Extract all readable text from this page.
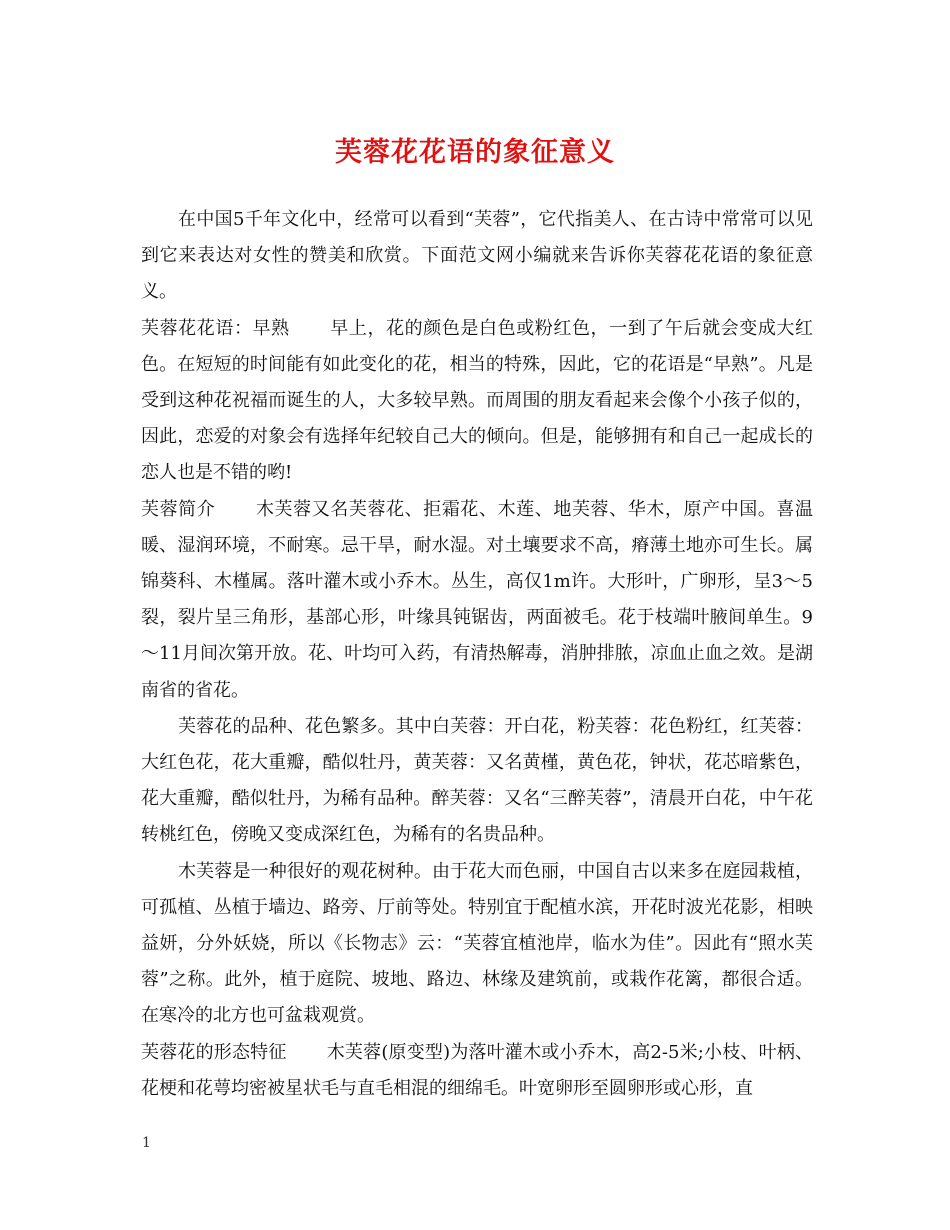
芙蓉花花语的象征意义

在中国5千年文化中，经常可以看到“芙蓉”，它代指美人、在古诗中常常可以见到它来表达对女性的赞美和欣赏。下面范文网小编就来告诉你芙蓉花花语的象征意义。

芙蓉花花语：早熟 早上，花的颜色是白色或粉红色，一到了午后就会变成大红色。在短短的时间能有如此变化的花，相当的特殊，因此，它的花语是“早熟”。凡是受到这种花祝福而诞生的人，大多较早熟。而周围的朋友看起来会像个小孩子似的，因此，恋爱的对象会有选择年纪较自己大的倾向。但是，能够拥有和自己一起成长的恋人也是不错的哟!

芙蓉简介 木芙蓉又名芙蓉花、拒霜花、木莲、地芙蓉、华木，原产中国。喜温暖、湿润环境，不耐寒。忌干旱，耐水湿。对土壤要求不高，瘠薄土地亦可生长。属锦葵科、木槿属。落叶灌木或小乔木。丛生，高仅1m许。大形叶，广卵形，呈3～5裂，裂片呈三角形，基部心形，叶缘具钝锯齿，两面被毛。花于枝端叶腋间单生。9～11月间次第开放。花、叶均可入药，有清热解毒，消肿排脓，凉血止血之效。是湖南省的省花。

芙蓉花的品种、花色繁多。其中白芙蓉：开白花，粉芙蓉：花色粉红，红芙蓉：大红色花，花大重瓣，酷似牡丹，黄芙蓉：又名黄槿，黄色花，钟状，花芯暗紫色，花大重瓣，酷似牡丹，为稀有品种。醉芙蓉：又名“三醉芙蓉”，清晨开白花，中午花转桃红色，傍晚又变成深红色，为稀有的名贵品种。

木芙蓉是一种很好的观花树种。由于花大而色丽，中国自古以来多在庭园栽植，可孤植、丛植于墙边、路旁、厅前等处。特别宜于配植水滨，开花时波光花影，相映益妍，分外妖娆，所以《长物志》云：“芙蓉宜植池岸，临水为佳”。因此有“照水芙蓉”之称。此外，植于庭院、坡地、路边、林缘及建筑前，或栽作花篱，都很合适。在寒冷的北方也可盆栽观赏。

芙蓉花的形态特征 木芙蓉(原变型)为落叶灌木或小乔木，高2-5米;小枝、叶柄、花梗和花萼均密被星状毛与直毛相混的细绵毛。叶宽卵形至圆卵形或心形，直

1
